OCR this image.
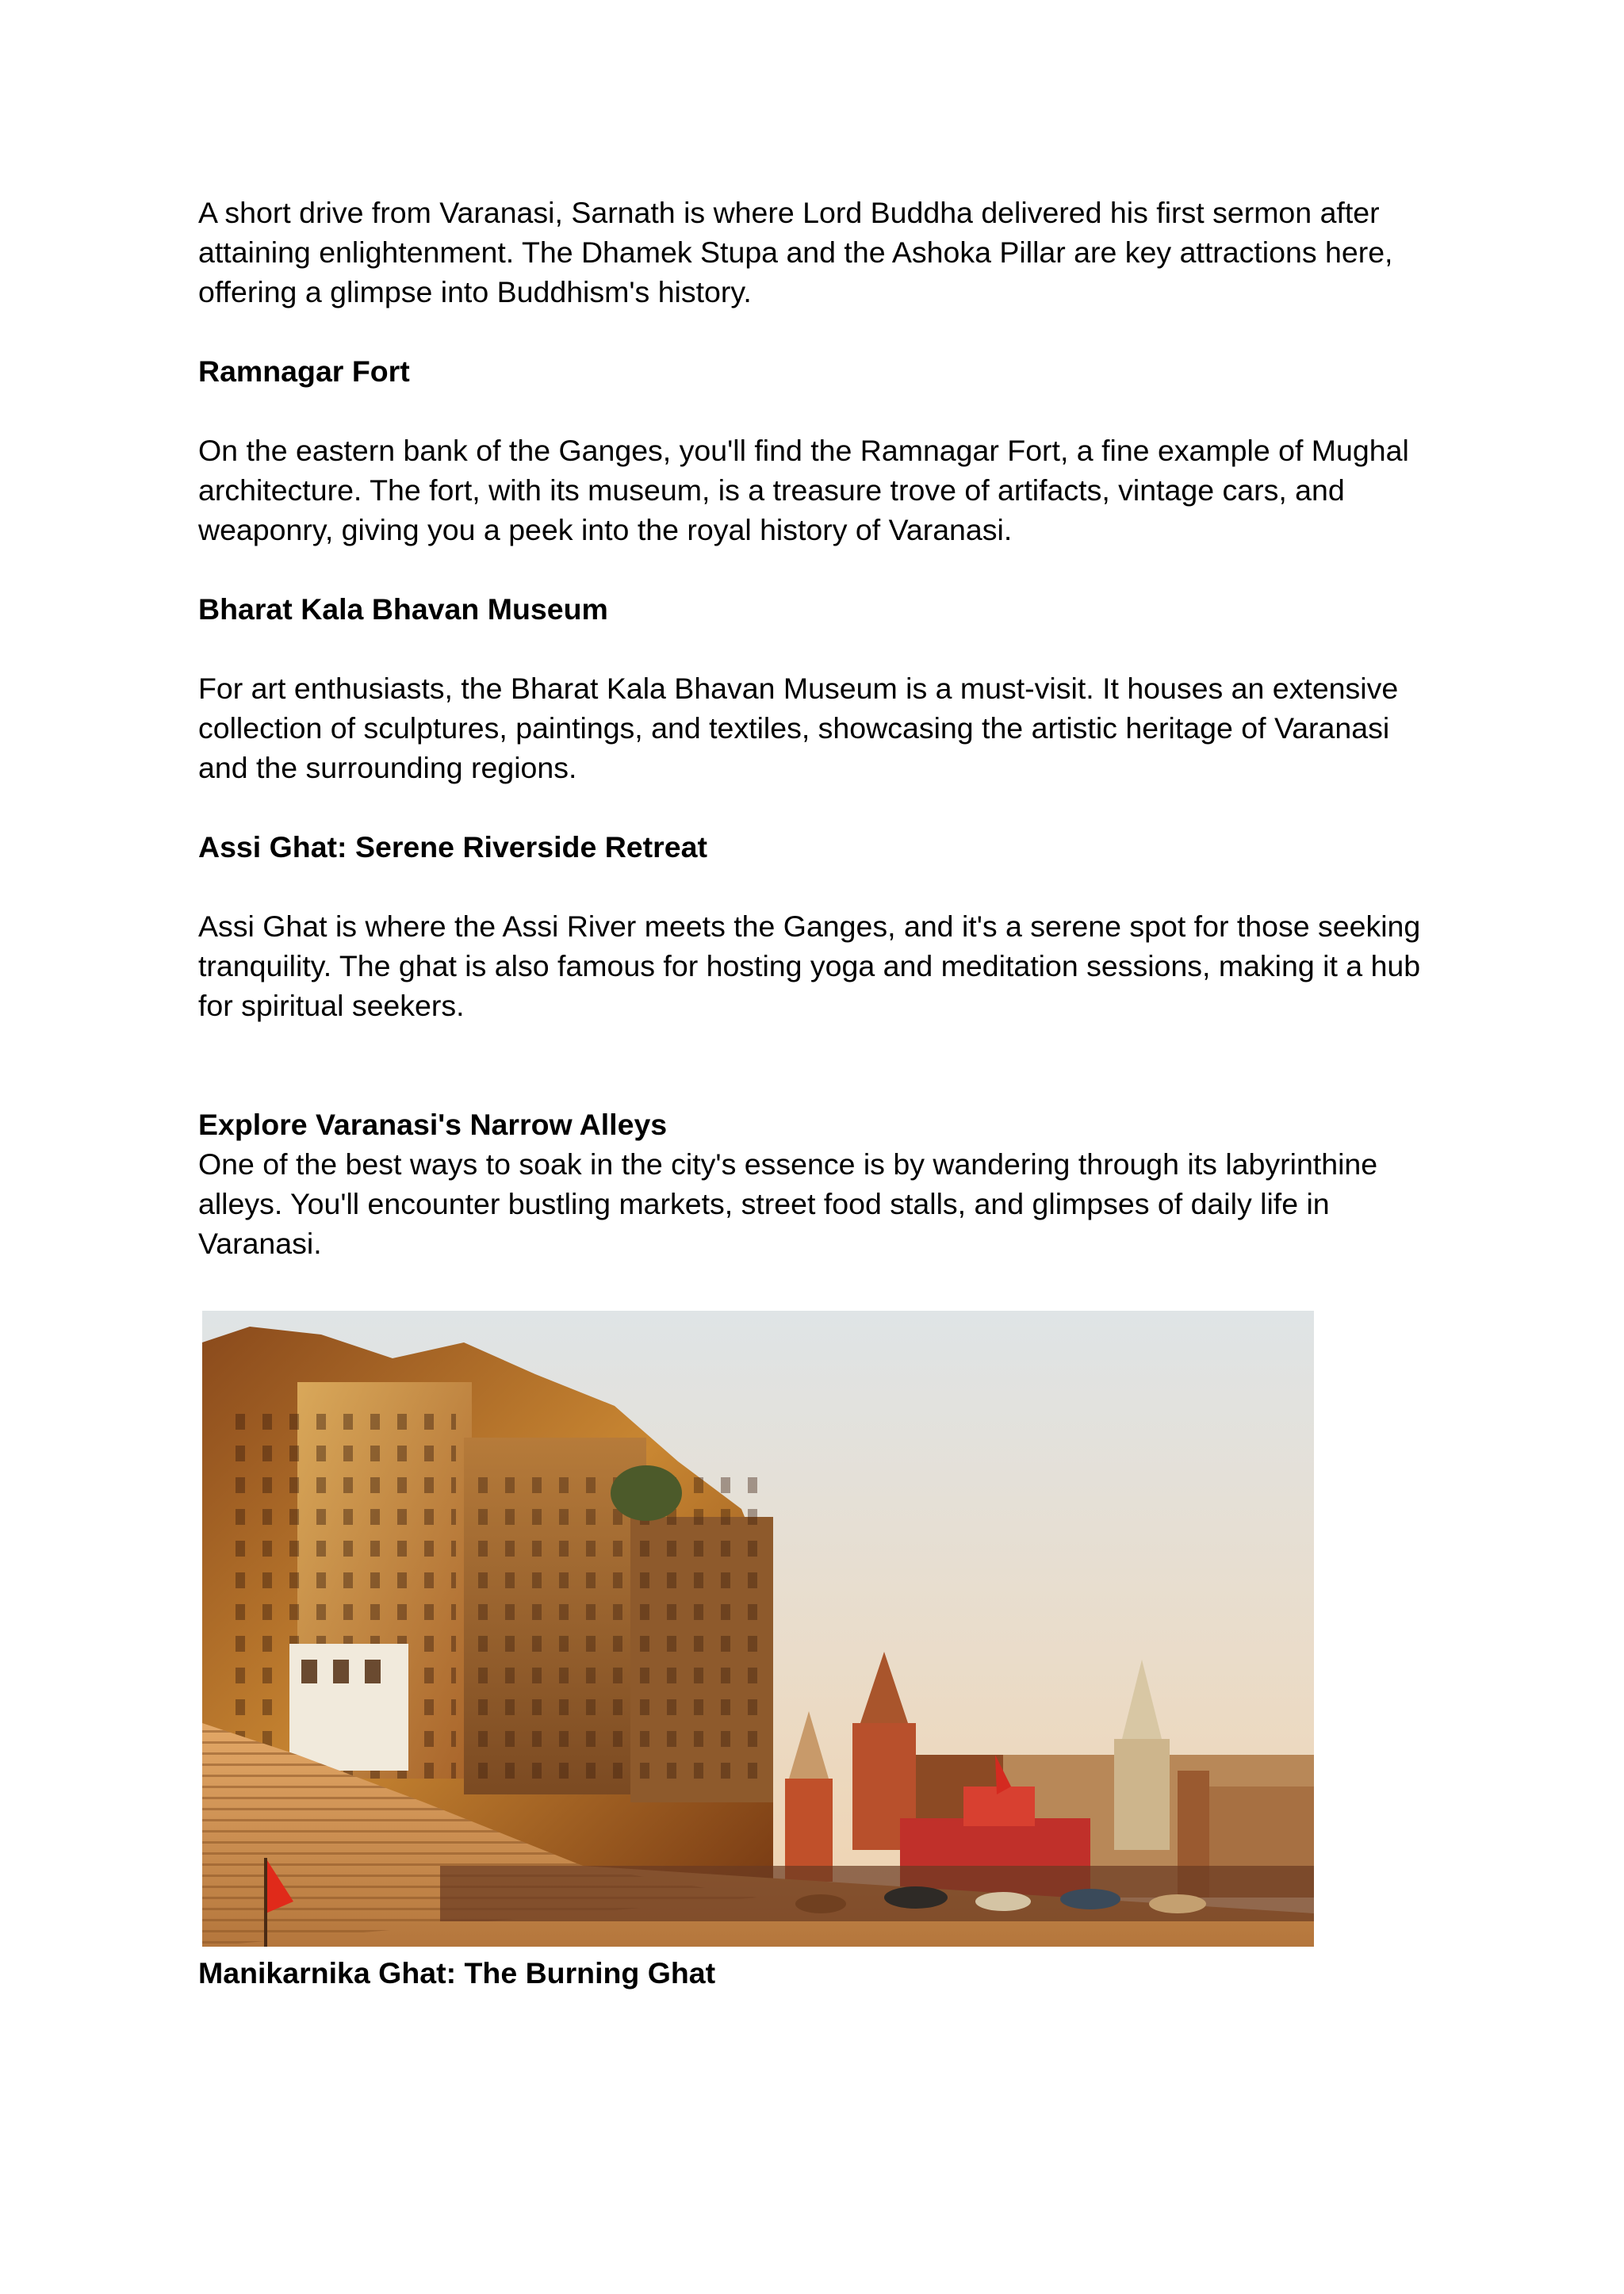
A short drive from Varanasi, Sarnath is where Lord Buddha delivered his first sermon after attaining enlightenment. The Dhamek Stupa and the Ashoka Pillar are key attractions here, offering a glimpse into Buddhism's history.

Ramnagar Fort

On the eastern bank of the Ganges, you'll find the Ramnagar Fort, a fine example of Mughal architecture. The fort, with its museum, is a treasure trove of artifacts, vintage cars, and weaponry, giving you a peek into the royal history of Varanasi.

Bharat Kala Bhavan Museum

For art enthusiasts, the Bharat Kala Bhavan Museum is a must-visit. It houses an extensive collection of sculptures, paintings, and textiles, showcasing the artistic heritage of Varanasi and the surrounding regions.

Assi Ghat: Serene Riverside Retreat

Assi Ghat is where the Assi River meets the Ganges, and it's a serene spot for those seeking tranquility. The ghat is also famous for hosting yoga and meditation sessions, making it a hub for spiritual seekers.

Explore Varanasi's Narrow Alleys

One of the best ways to soak in the city's essence is by wandering through its labyrinthine alleys. You'll encounter bustling markets, street food stalls, and glimpses of daily life in Varanasi.

Manikarnika Ghat: The Burning Ghat
